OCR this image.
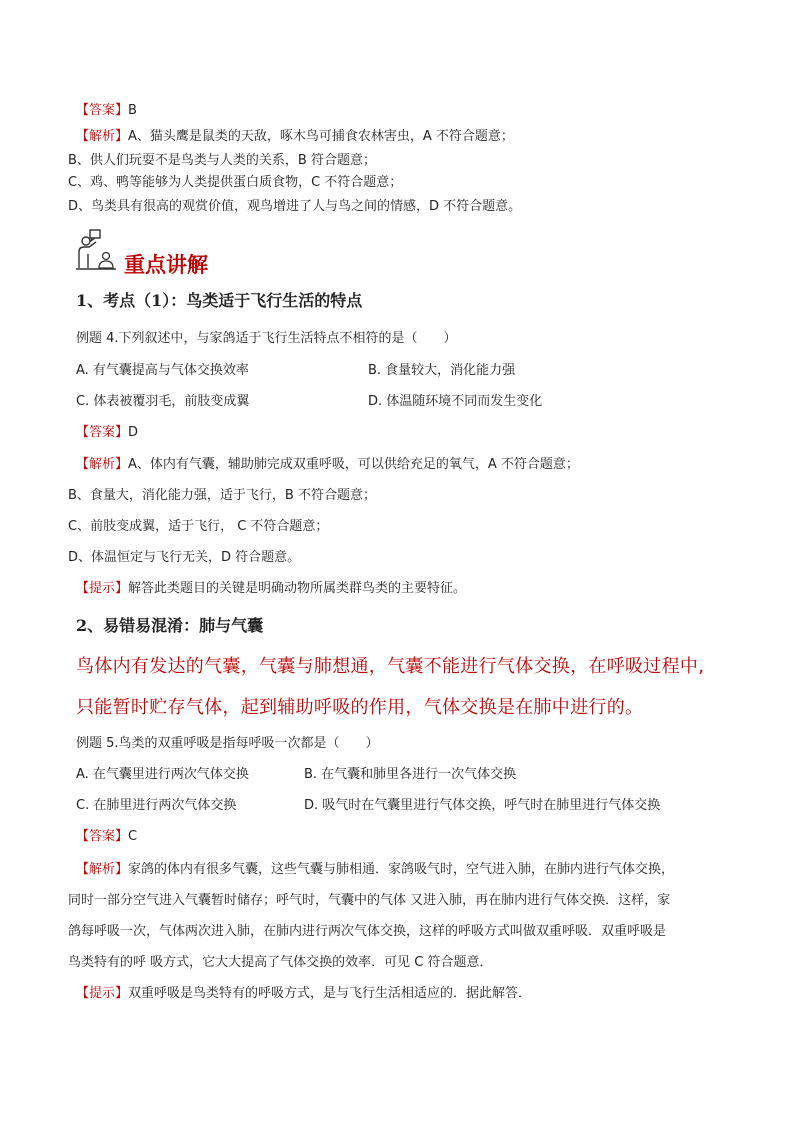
【答案】B
【解析】A、猫头鹰是鼠类的天敌，啄木鸟可捕食农林害虫，A 不符合题意；
B、供人们玩耍不是鸟类与人类的关系，B 符合题意；
C、鸡、鸭等能够为人类提供蛋白质食物，C 不符合题意；
D、鸟类具有很高的观赏价值，观鸟增进了人与鸟之间的情感，D 不符合题意。
重点讲解
1、考点（1）：鸟类适于飞行生活的特点
例题 4.下列叙述中，与家鸽适于飞行生活特点不相符的是（　　）
A. 有气囊提高与气体交换效率	B. 食量较大，消化能力强
C. 体表被覆羽毛，前肢变成翼	D. 体温随环境不同而发生变化
【答案】D
【解析】A、体内有气囊，辅助肺完成双重呼吸，可以供给充足的氧气，A 不符合题意；
B、食量大，消化能力强，适于飞行，B 不符合题意；
C、前肢变成翼，适于飞行， C 不符合题意；
D、体温恒定与飞行无关，D 符合题意。
【提示】解答此类题目的关键是明确动物所属类群鸟类的主要特征。
2、易错易混淆：肺与气囊
鸟体内有发达的气囊，气囊与肺想通，气囊不能进行气体交换，在呼吸过程中,
只能暂时贮存气体，起到辅助呼吸的作用，气体交换是在肺中进行的。
例题 5.鸟类的双重呼吸是指每呼吸一次都是（　　）
A. 在气囊里进行两次气体交换	B. 在气囊和肺里各进行一次气体交换
C. 在肺里进行两次气体交换	D. 吸气时在气囊里进行气体交换，呼气时在肺里进行气体交换
【答案】C
【解析】家鸽的体内有很多气囊，这些气囊与肺相通．家鸽吸气时，空气进入肺，在肺内进行气体交换，
同时一部分空气进入气囊暂时储存；呼气时，气囊中的气体 又进入肺，再在肺内进行气体交换．这样，家
鸽每呼吸一次，气体两次进入肺，在肺内进行两次气体交换，这样的呼吸方式叫做双重呼吸．双重呼吸是
鸟类特有的呼 吸方式，它大大提高了气体交换的效率．可见 C 符合题意．
【提示】双重呼吸是鸟类特有的呼吸方式，是与飞行生活相适应的．据此解答．
